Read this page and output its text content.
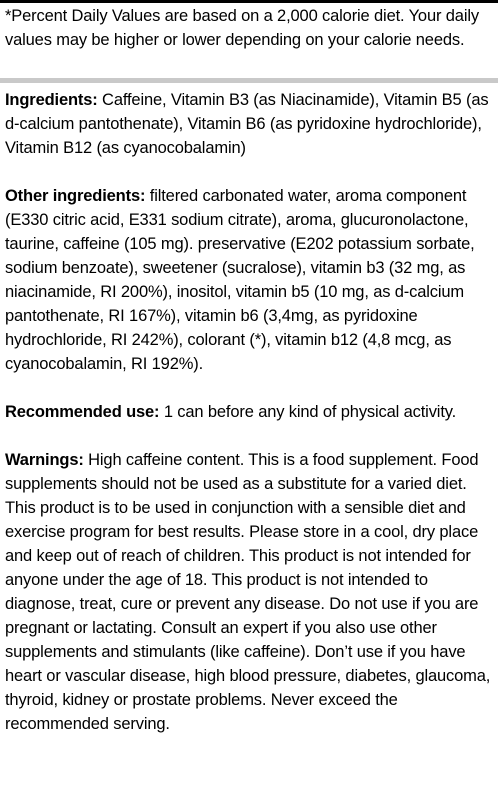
*Percent Daily Values are based on a 2,000 calorie diet. Your daily values may be higher or lower depending on your calorie needs.

Ingredients: Caffeine, Vitamin B3 (as Niacinamide), Vitamin B5 (as d-calcium pantothenate), Vitamin B6 (as pyridoxine hydrochloride), Vitamin B12 (as cyanocobalamin)

Other ingredients: filtered carbonated water, aroma component (E330 citric acid, E331 sodium citrate), aroma, glucuronolactone, taurine, caffeine (105 mg). preservative (E202 potassium sorbate, sodium benzoate), sweetener (sucralose), vitamin b3 (32 mg, as niacinamide, RI 200%), inositol, vitamin b5 (10 mg, as d-calcium pantothenate, RI 167%), vitamin b6 (3,4mg, as pyridoxine hydrochloride, RI 242%), colorant (*), vitamin b12 (4,8 mcg, as cyanocobalamin, RI 192%).

Recommended use: 1 can before any kind of physical activity.

Warnings: High caffeine content. This is a food supplement. Food supplements should not be used as a substitute for a varied diet. This product is to be used in conjunction with a sensible diet and exercise program for best results. Please store in a cool, dry place and keep out of reach of children. This product is not intended for anyone under the age of 18. This product is not intended to diagnose, treat, cure or prevent any disease. Do not use if you are pregnant or lactating. Consult an expert if you also use other supplements and stimulants (like caffeine). Don’t use if you have heart or vascular disease, high blood pressure, diabetes, glaucoma, thyroid, kidney or prostate problems. Never exceed the recommended serving.
